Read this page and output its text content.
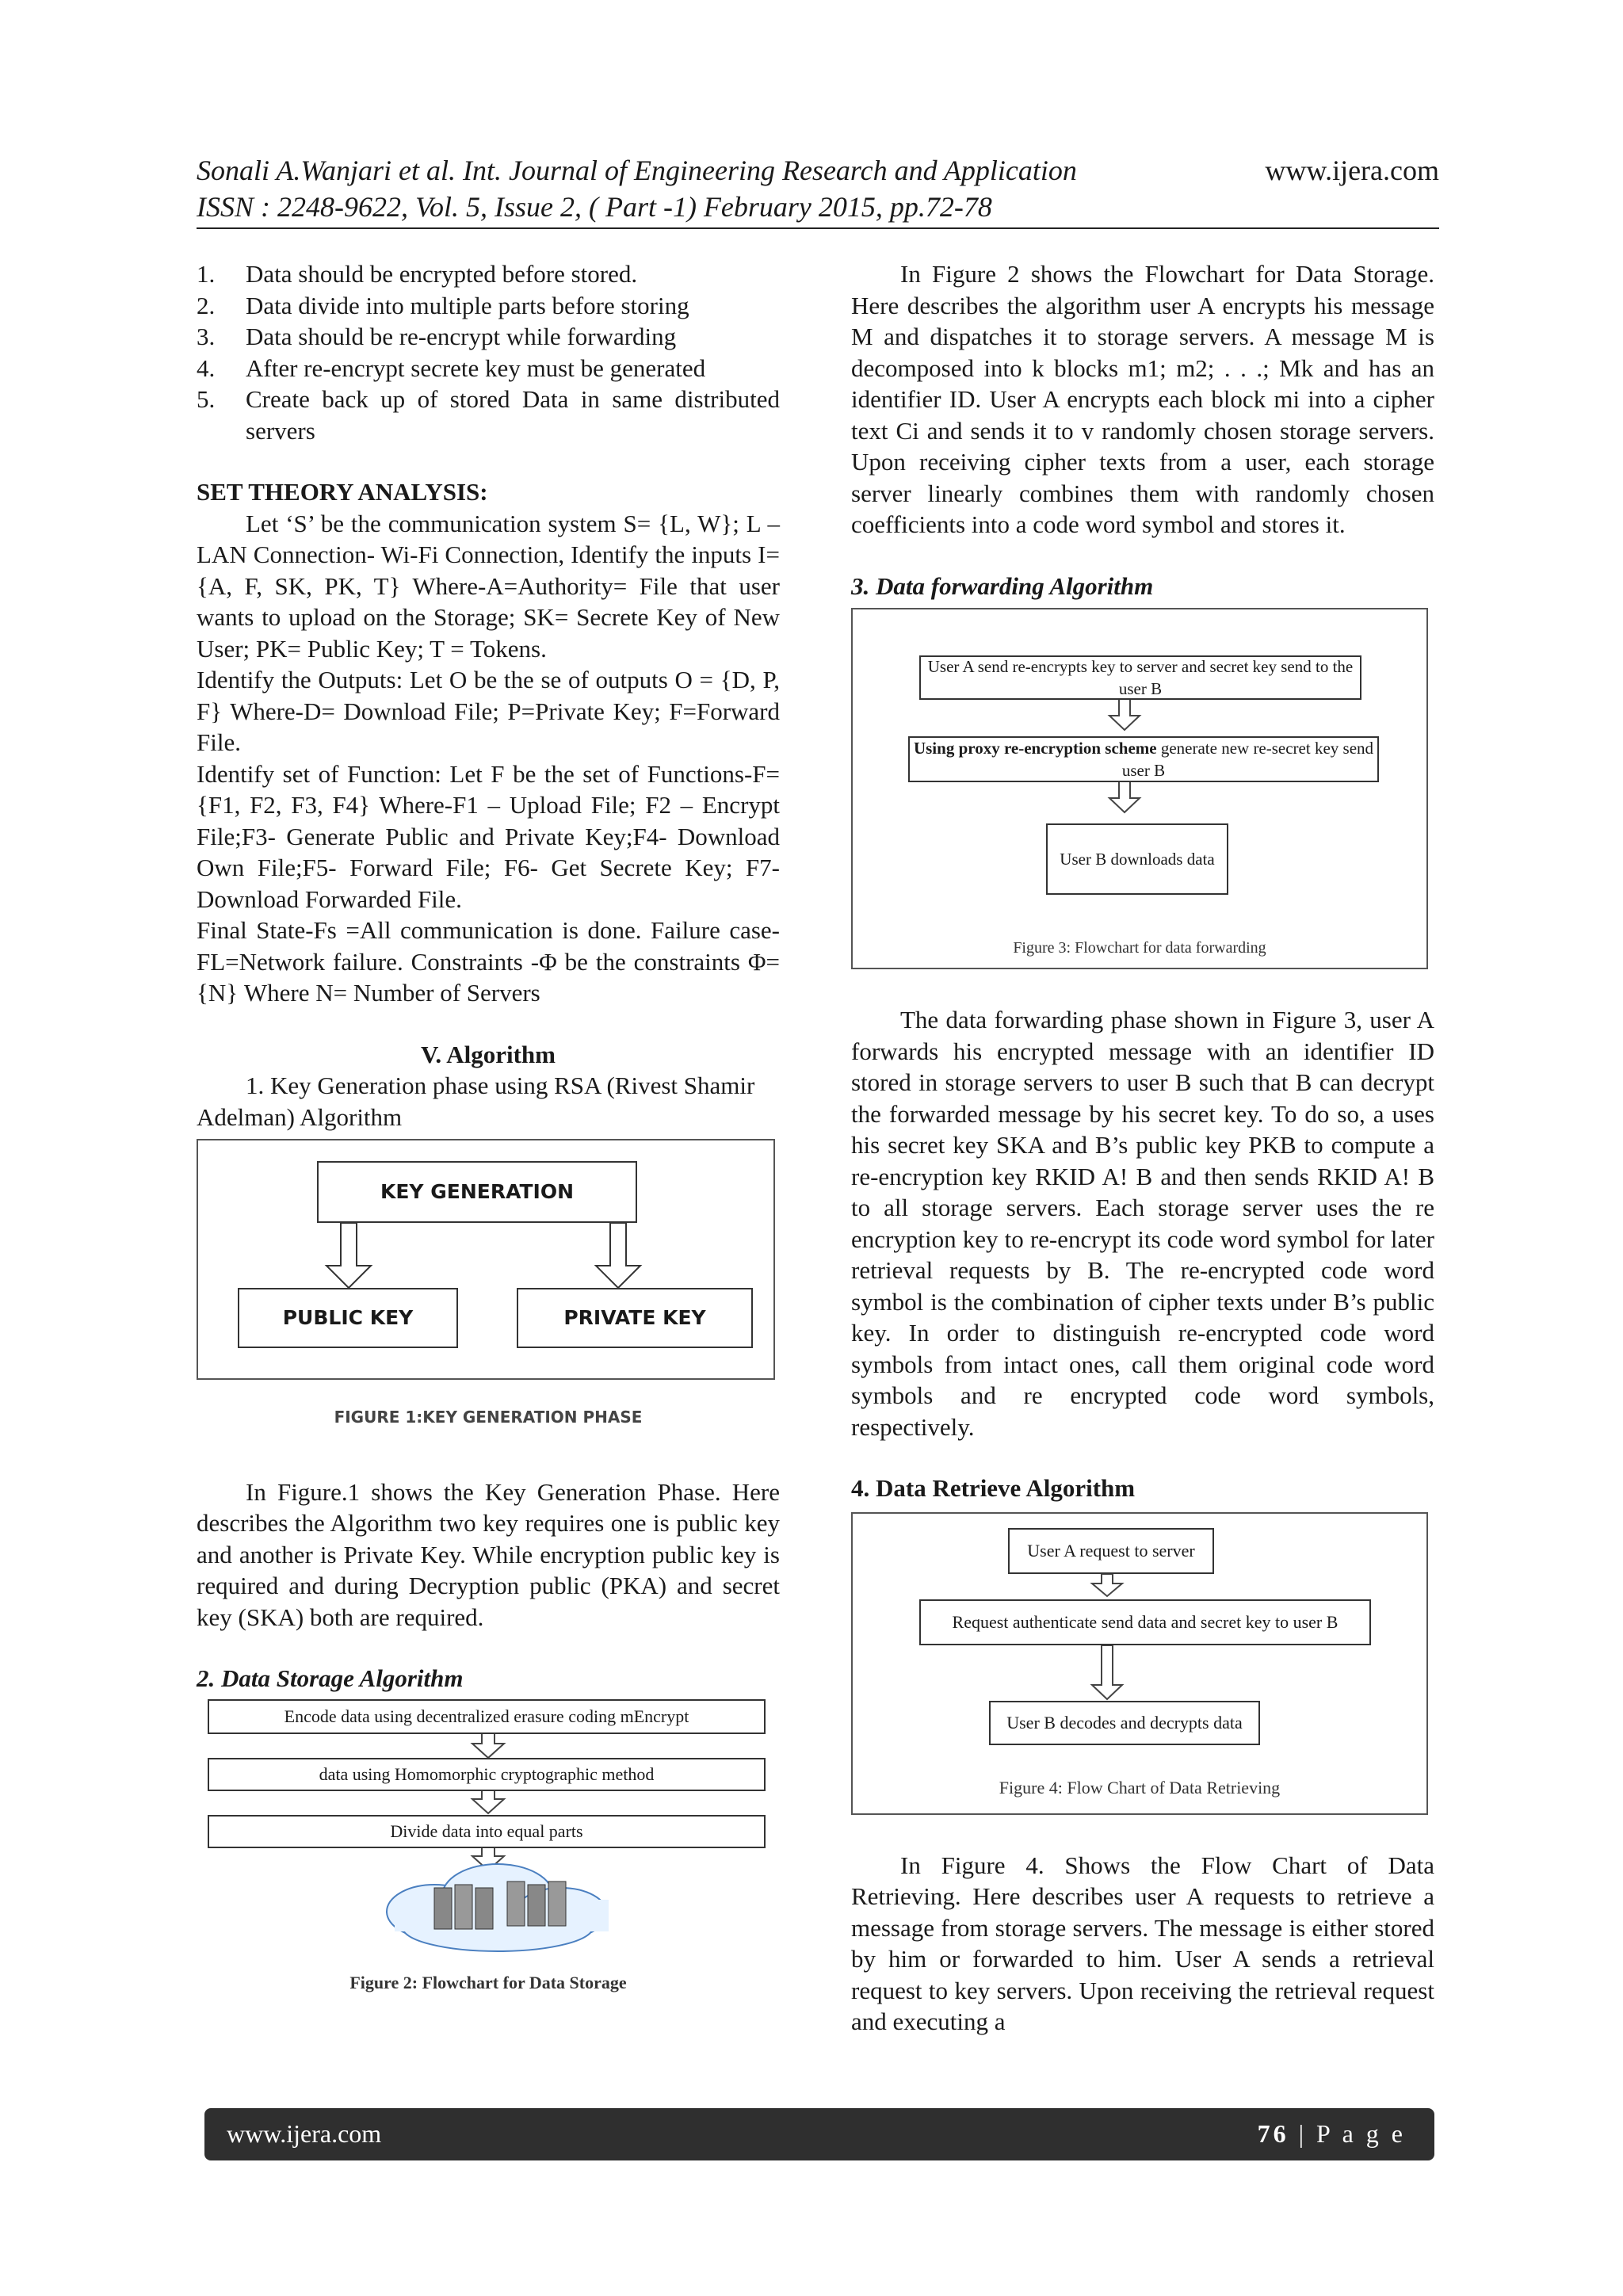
Sonali A.Wanjari et al. Int. Journal of Engineering Research and Application
ISSN : 2248-9622, Vol. 5, Issue 2, ( Part -1) February 2015, pp.72-78
www.ijera.com
1.	Data should be encrypted before stored.
2.	Data divide into multiple parts before storing
3.	Data should be re-encrypt while forwarding
4.	After re-encrypt secrete key must be generated
5.	Create back up of stored Data in same distributed servers

SET THEORY ANALYSIS:

Let ‘S’ be the communication system S= {L, W}; L – LAN Connection- Wi-Fi Connection, Identify the inputs I= {A, F, SK, PK, T} Where-A=Authority= File that user wants to upload on the Storage; SK= Secrete Key of New User; PK= Public Key; T = Tokens.

Identify the Outputs: Let O be the se of outputs O = {D, P, F} Where-D= Download File; P=Private Key; F=Forward File.

Identify set of Function: Let F be the set of Functions-F= {F1, F2, F3, F4} Where-F1 – Upload File; F2 – Encrypt File;F3- Generate Public and Private Key;F4- Download Own File;F5- Forward File; F6- Get Secrete Key; F7- Download Forwarded File.

Final State-Fs =All communication is done. Failure case-FL=Network failure. Constraints -Φ be the constraints Φ= {N} Where N= Number of Servers

V. Algorithm

1. Key Generation phase using RSA (Rivest Shamir Adelman) Algorithm

KEY GENERATION
PUBLIC KEY	PRIVATE KEY
FIGURE 1:KEY GENERATION PHASE

In Figure.1 shows the Key Generation Phase. Here describes the Algorithm two key requires one is public key and another is Private Key. While encryption public key is required and during Decryption public (PKA) and secret key (SKA) both are required.

2. Data Storage Algorithm

Encode data using decentralized erasure coding mEncrypt
data using Homomorphic cryptographic method
Divide data into equal parts
Figure 2: Flowchart for Data Storage

In Figure 2 shows the Flowchart for Data Storage. Here describes the algorithm user A encrypts his message M and dispatches it to storage servers. A message M is decomposed into k blocks m1; m2; . . .; Mk and has an identifier ID. User A encrypts each block mi into a cipher text Ci and sends it to v randomly chosen storage servers. Upon receiving cipher texts from a user, each storage server linearly combines them with randomly chosen coefficients into a code word symbol and stores it.

3. Data forwarding Algorithm

User A send re-encrypts key to server and secret key send to the user B
Using proxy re-encryption scheme generate new re-secret key send user B
User B downloads data
Figure 3: Flowchart for data forwarding

The data forwarding phase shown in Figure 3, user A forwards his encrypted message with an identifier ID stored in storage servers to user B such that B can decrypt the forwarded message by his secret key. To do so, a uses his secret key SKA and B’s public key PKB to compute a re-encryption key RKID A! B and then sends RKID A! B to all storage servers. Each storage server uses the re encryption key to re-encrypt its code word symbol for later retrieval requests by B. The re-encrypted code word symbol is the combination of cipher texts under B’s public key. In order to distinguish re-encrypted code word symbols from intact ones, call them original code word symbols and re encrypted code word symbols, respectively.

4. Data Retrieve Algorithm

User A request to server
Request authenticate send data and secret key to user B
User B decodes and decrypts data
Figure 4: Flow Chart of Data Retrieving

In Figure 4. Shows the Flow Chart of Data Retrieving. Here describes user A requests to retrieve a message from storage servers. The message is either stored by him or forwarded to him. User A sends a retrieval request to key servers. Upon receiving the retrieval request and executing a

www.ijera.com	76 | P a g e
